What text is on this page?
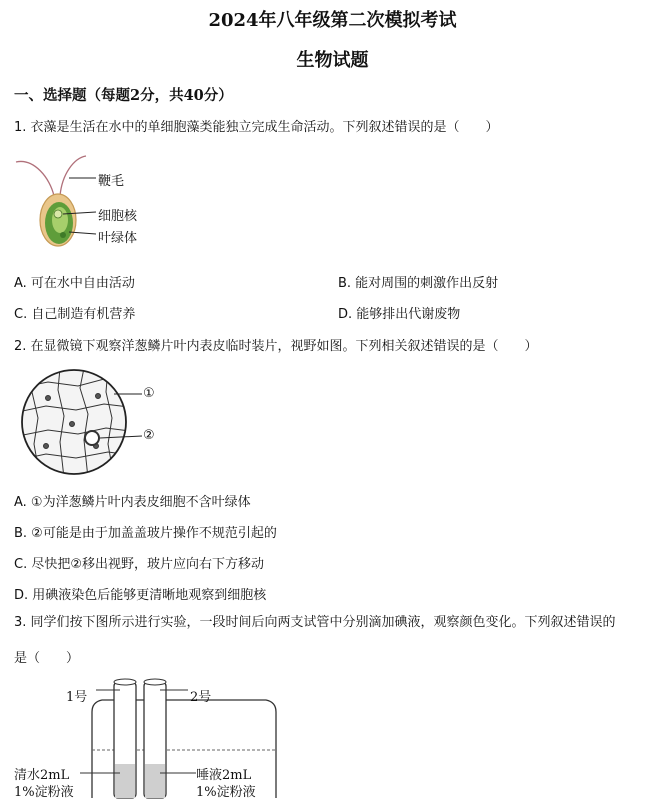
2024年八年级第二次模拟考试
生物试题
一、选择题（每题2分，共40分）
1. 衣藻是生活在水中的单细胞藻类能独立完成生命活动。下列叙述错误的是（　　）
鞭毛
细胞核
叶绿体
A. 可在水中自由活动	B. 能对周围的刺激作出反射
C. 自己制造有机营养	D. 能够排出代谢废物
2. 在显微镜下观察洋葱鳞片叶内表皮临时装片，视野如图。下列相关叙述错误的是（　　）
①
②
A. ①为洋葱鳞片叶内表皮细胞不含叶绿体
B. ②可能是由于加盖盖玻片操作不规范引起的
C. 尽快把②移出视野，玻片应向右下方移动
D. 用碘液染色后能够更清晰地观察到细胞核
3. 同学们按下图所示进行实验，一段时间后向两支试管中分别滴加碘液，观察颜色变化。下列叙述错误的
是（　　）
1号	2号
清水2mL
1%淀粉液
唾液2mL
1%淀粉液
